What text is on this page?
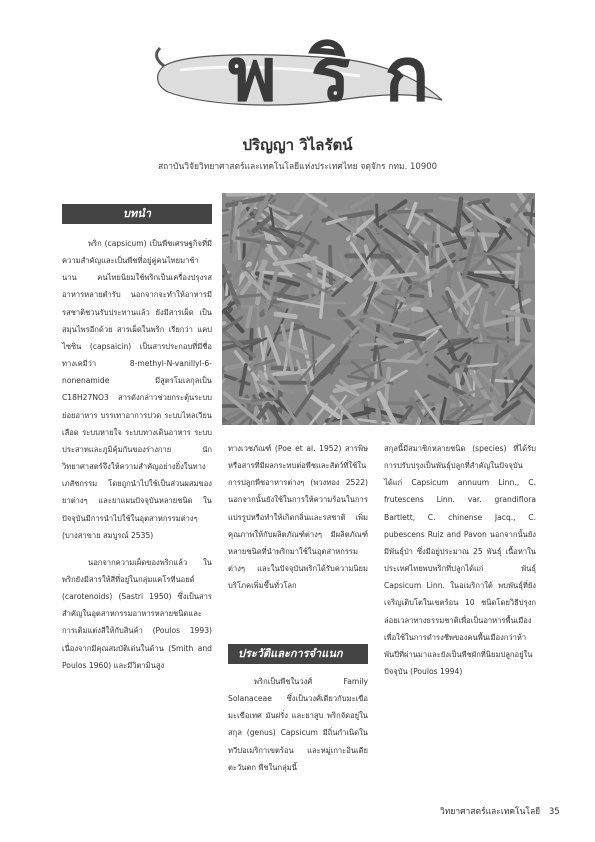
พริก
ปริญญา วิไลรัตน์
สถาบันวิจัยวิทยาศาสตร์และเทคโนโลยีแห่งประเทศไทย จตุจักร กทม. 10900
บทนำ

พริก (capsicum) เป็นพืชเศรษฐกิจที่มีความสำคัญและเป็นพืชที่อยู่คู่คนไทยมาช้านาน คนไทยนิยมใช้พริกเป็นเครื่องปรุงรสอาหารหลายตำรับ นอกจากจะทำให้อาหารมีรสชาติชวนรับประทานแล้ว ยังมีสารเผ็ด เป็นสมุนไพรอีกด้วย สารเผ็ดในพริก เรียกว่า แคปไซซิน (capsaicin) เป็นสารประกอบที่มีชื่อทางเคมีว่า 8-methyl-N-vanillyl-6-nonenamide มีสูตรโมเลกุลเป็น C18H27NO3 สารดังกล่าวช่วยกระตุ้นระบบย่อยอาหาร บรรเทาอาการปวด ระบบไหลเวียนเลือด ระบบหายใจ ระบบทางเดินอาหาร ระบบประสาทและภูมิคุ้มกันของร่างกาย นักวิทยาศาสตร์จึงให้ความสำคัญอย่างยิ่งในทางเภสัชกรรม โดยถูกนำไปใช้เป็นส่วนผสมของยาต่างๆ และยาแผนปัจจุบันหลายชนิด ในปัจจุบันมีการนำไปใช้ในอุตสาหกรรมต่างๆ (บางสาขาย สมบูรณ์ 2535)

นอกจากความเผ็ดของพริกแล้ว ในพริกยังมีสารให้สีที่อยู่ในกลุ่มแคโรทีนอยด์ (carotenoids) (Sastri 1950) ซึ่งเป็นสารสำคัญในอุตสาหกรรมอาหารหลายชนิดและการเติมแต่งสีให้กับสินค้า (Poulos 1993) เนื่องจากมีคุณสมบัติเด่นในด้าน (Smith and Poulos 1960) และมีวิตามินสูง

ทางเวชภัณฑ์ (Poe et al. 1952) สารพิษหรือสารที่มีผลกระทบต่อพืชและสัตว์ที่ใช้ในการปลูกพืชอาหารต่างๆ (พวงทอง 2522) นอกจากนั้นยังใช้ในการให้ความร้อนในการแปรรูปหรือทำให้เกิดกลิ่นและรสชาติ เพิ่มคุณภาพให้กับผลิตภัณฑ์ต่างๆ มีผลิตภัณฑ์หลายชนิดที่นำพริกมาใช้ในอุตสาหกรรมต่างๆ และในปัจจุบันพริกได้รับความนิยมบริโภคเพิ่มขึ้นทั่วโลก

ประวัติและการจำแนก

พริกเป็นพืชในวงศ์ Family Solanaceae ซึ่งเป็นวงศ์เดียวกับมะเขือ มะเขือเทศ มันฝรั่ง และยาสูบ พริกจัดอยู่ในสกุล (genus) Capsicum มีถิ่นกำเนิดในทวีปอเมริกาเขตร้อน และหมู่เกาะอินเดียตะวันตก พืชในกลุ่มนี้

สกุลนี้มีสมาชิกหลายชนิด (species) ที่ได้รับการปรับปรุงเป็นพันธุ์ปลูกที่สำคัญในปัจจุบันได้แก่ Capsicum annuum Linn., C. frutescens Linn. var. grandiflora Bartlett, C. chinense Jacq., C. pubescens Ruiz and Pavon นอกจากนั้นยังมีพันธุ์ป่า ซึ่งมีอยู่ประมาณ 25 พันธุ์ เนื้อหาในประเทศไทยพบพริกที่ปลูกได้แก่ พันธุ์ Capsicum Linn. ในอเมริกาใต้ พบพันธุ์ที่ยังเจริญเติบโตในเขตร้อน 10 ชนิดโดยวิธีปรุงกล่อยเวลาทางธรรมชาติเพื่อเป็นอาหารพื้นเมืองเพื่อใช้ในการดำรงชีพของคนพื้นเมืองกว่าห้าพันปีที่ผ่านมาและยังเป็นพืชผักที่นิยมปลูกอยู่ในปัจจุบัน (Poulos 1994)

วิทยาศาสตร์และเทคโนโลยี 35
